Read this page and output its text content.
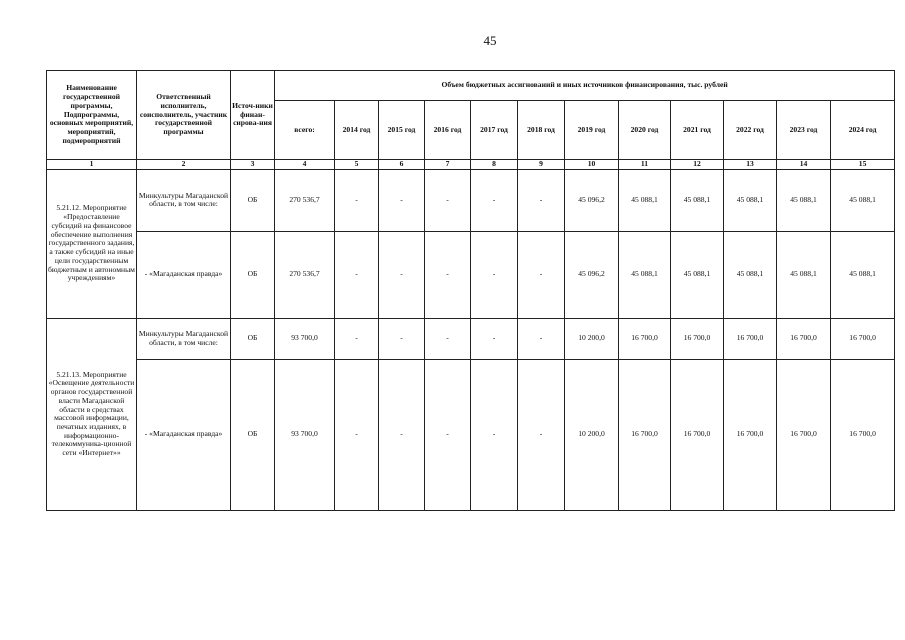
45
Наименование государственной программы, Подпрограммы, основных мероприятий, мероприятий, подмероприятий	Ответственный исполнитель, соисполнитель, участник государственной программы	Источ-ники финан-сирова-ния	Объем бюджетных ассигнований и иных источников финансирования, тыс. рублей											
			всего:	2014 год	2015 год	2016 год	2017 год	2018 год	2019 год	2020 год	2021 год	2022 год	2023 год	2024 год
1	2	3	4	5	6	7	8	9	10	11	12	13	14	15
5.21.12. Мероприятие «Предоставление субсидий на финансовое обеспечение выполнения государственного задания, а также субсидий на иные цели государственным бюджетным и автономным учреждениям»	Минкультуры Магаданской области, в том числе:	ОБ	270 536,7	-	-	-	-	-	45 096,2	45 088,1	45 088,1	45 088,1	45 088,1	45 088,1
	- «Магаданская правда»	ОБ	270 536,7	-	-	-	-	-	45 096,2	45 088,1	45 088,1	45 088,1	45 088,1	45 088,1
5.21.13. Мероприятие «Освещение деятельности органов государственной власти Магаданской области в средствах массовой информации, печатных изданиях, в информационно-телекоммуника-ционной сети «Интернет»»	Минкультуры Магаданской области, в том числе:	ОБ	93 700,0	-	-	-	-	-	10 200,0	16 700,0	16 700,0	16 700,0	16 700,0	16 700,0
	- «Магаданская правда»	ОБ	93 700,0	-	-	-	-	-	10 200,0	16 700,0	16 700,0	16 700,0	16 700,0	16 700,0
